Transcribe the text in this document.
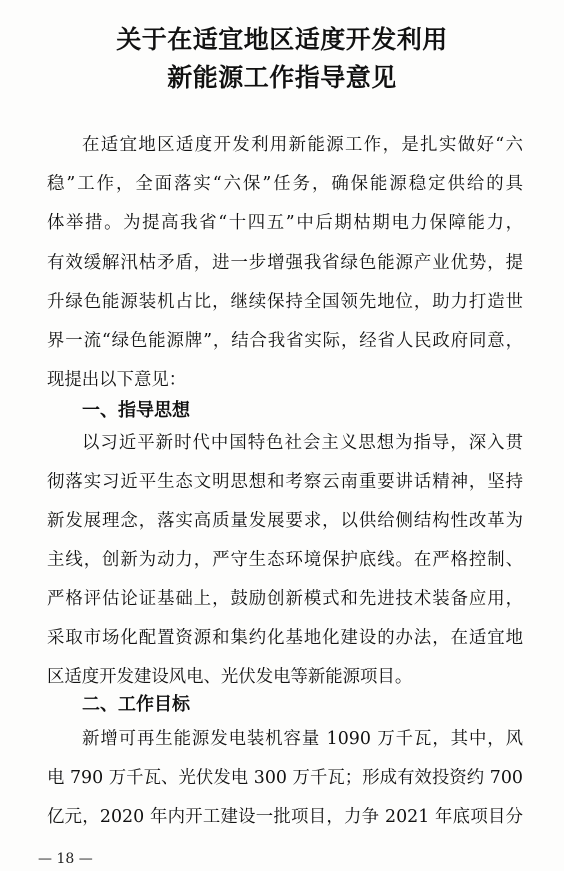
关于在适宜地区适度开发利用
新能源工作指导意见
在适宜地区适度开发利用新能源工作，是扎实做好“六
稳”工作，全面落实“六保”任务，确保能源稳定供给的具
体举措。为提高我省“十四五”中后期枯期电力保障能力，
有效缓解汛枯矛盾，进一步增强我省绿色能源产业优势，提
升绿色能源装机占比，继续保持全国领先地位，助力打造世
界一流“绿色能源牌”，结合我省实际，经省人民政府同意，
现提出以下意见：
一、指导思想
以习近平新时代中国特色社会主义思想为指导，深入贯
彻落实习近平生态文明思想和考察云南重要讲话精神，坚持
新发展理念，落实高质量发展要求，以供给侧结构性改革为
主线，创新为动力，严守生态环境保护底线。在严格控制、
严格评估论证基础上，鼓励创新模式和先进技术装备应用，
采取市场化配置资源和集约化基地化建设的办法，在适宜地
区适度开发建设风电、光伏发电等新能源项目。
二、工作目标
新增可再生能源发电装机容量 1090 万千瓦，其中，风
电 790 万千瓦、光伏发电 300 万千瓦；形成有效投资约 700
亿元，2020 年内开工建设一批项目，力争 2021 年底项目分
— 18 —
